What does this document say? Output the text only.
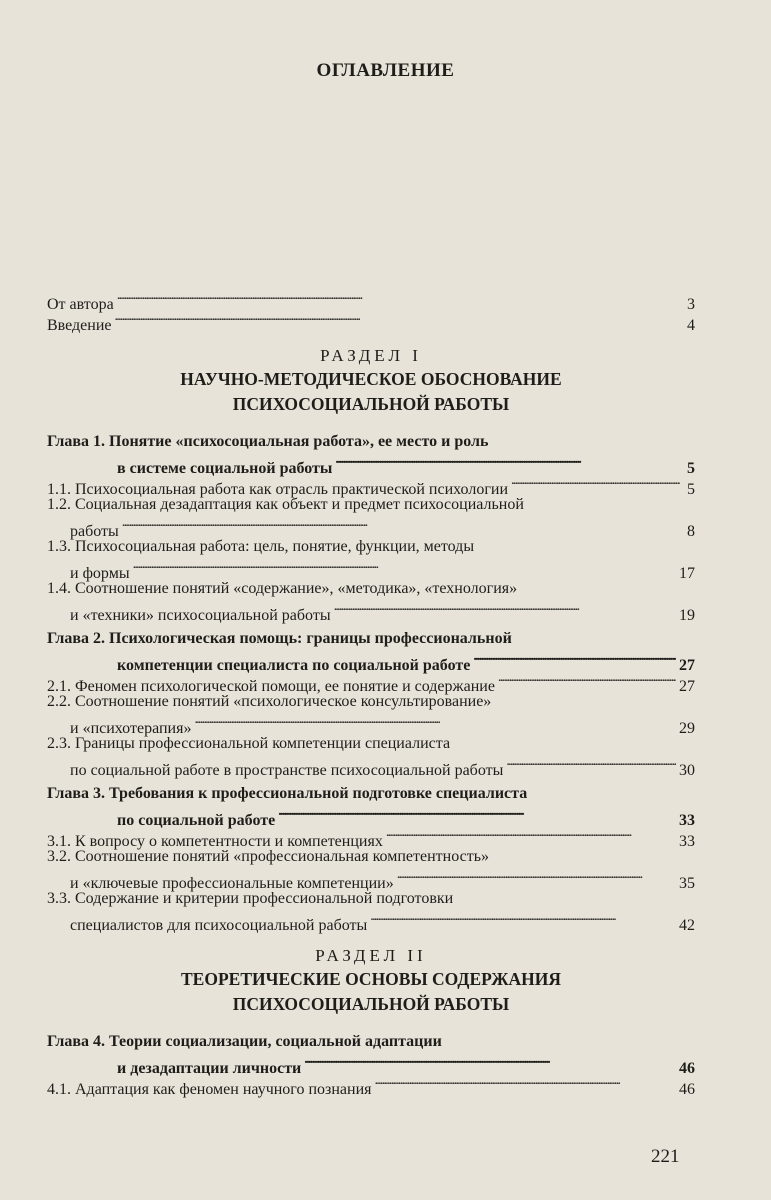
ОГЛАВЛЕНИЕ
От автора . . .	3
Введение . . .	4
РАЗДЕЛ I
НАУЧНО-МЕТОДИЧЕСКОЕ ОБОСНОВАНИЕ
ПСИХОСОЦИАЛЬНОЙ РАБОТЫ
Глава 1. Понятие «психосоциальная работа», ее место и роль
в системе социальной работы . . .	5
1.1. Психосоциальная работа как отрасль практической психологии . . .	5
1.2. Социальная дезадаптация как объект и предмет психосоциальной
работы . . .	8
1.3. Психосоциальная работа: цель, понятие, функции, методы
и формы . . .	17
1.4. Соотношение понятий «содержание», «методика», «технология»
и «техники» психосоциальной работы . . .	19
Глава 2. Психологическая помощь: границы профессиональной
компетенции специалиста по социальной работе . . .	27
2.1. Феномен психологической помощи, ее понятие и содержание . . .	27
2.2. Соотношение понятий «психологическое консультирование»
и «психотерапия» . . .	29
2.3. Границы профессиональной компетенции специалиста
по социальной работе в пространстве психосоциальной работы . . .	30
Глава 3. Требования к профессиональной подготовке специалиста
по социальной работе . . .	33
3.1. К вопросу о компетентности и компетенциях . . .	33
3.2. Соотношение понятий «профессиональная компетентность»
и «ключевые профессиональные компетенции» . . .	35
3.3. Содержание и критерии профессиональной подготовки
специалистов для психосоциальной работы . . .	42
РАЗДЕЛ II
ТЕОРЕТИЧЕСКИЕ ОСНОВЫ СОДЕРЖАНИЯ
ПСИХОСОЦИАЛЬНОЙ РАБОТЫ
Глава 4. Теории социализации, социальной адаптации
и дезадаптации личности . . .	46
4.1. Адаптация как феномен научного познания . . .	46
221
